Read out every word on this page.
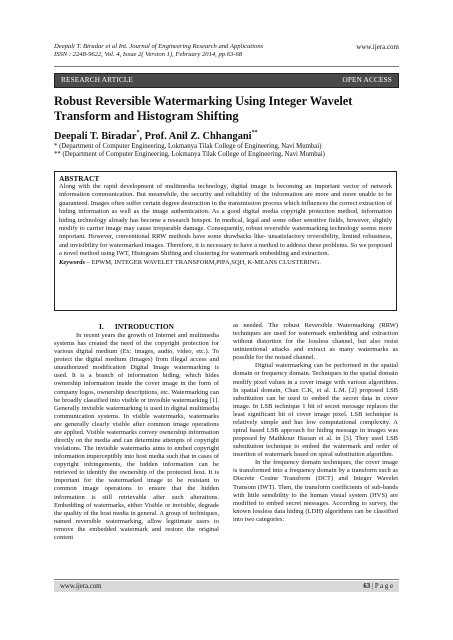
Deepali T. Biradar et al Int. Journal of Engineering Research and Applications
ISSN : 2248-9622, Vol. 4, Issue 2( Version 1), February 2014, pp.63-68
www.ijera.com
RESEARCH ARTICLE	OPEN ACCESS
Robust Reversible Watermarking Using Integer Wavelet Transform and Histogram Shifting
Deepali T. Biradar*, Prof. Anil Z. Chhangani**
* (Department of Computer Engineering, Lokmanya Tilak College of Engineering, Navi Mumbai)
** (Department of Computer Engineering, Lokmanya Tilak College of Engineering, Navi Mumbai)
ABSTRACT

Along with the rapid development of multimedia technology, digital image is becoming an important vector of network information communication. But meanwhile, the security and reliability of the information are more and more unable to be guaranteed. Images often suffer certain degree destruction in the transmission process which influences the correct extraction of hiding information as well as the image authentication. As a good digital media copyright protection method, information hiding technology already has become a research hotspot. In medical, legal and some other sensitive fields, however, slightly modify to carrier image may cause irreparable damage. Consequently, robust reversible watermarking technology seems more important. However, conventional RRW methods have some drawbacks like- unsatisfactory reversibility, limited robustness, and invisibility for watermarked images. Therefore, it is necessary to have a method to address these problems. So we proposed a novel method using IWT, Histogram Shifting and clustering for watermark embedding and extraction.

Keywords – EPWM, INTEGER WAVELET TRANSFORM,PIPA,SQH, K-MEANS CLUSTERING.

I.      INTRODUCTION

In recent years the growth of Internet and multimedia systems has created the need of the copyright protection for various digital medium (Ex: images, audio, video, etc.). To protect the digital medium (Images) from illegal access and unauthorized modification Digital Image watermarking is used. It is a branch of information hiding, which hides ownership information inside the cover image in the form of company logos, ownership descriptions, etc. Watermarking can be broadly classified into visible or invisible watermarking [1]. Generally invisible watermarking is used in digital multimedia communication systems. In visible watermarks, watermarks are generally clearly visible after common image operations are applied. Visible watermarks convey ownership information directly on the media and can determine attempts of copyright violations. The invisible watermarks aims to embed copyright information imperceptibly into host media such that in cases of copyright infringements, the hidden information can be retrieved to identify the ownership of the protected host. It is important for the watermarked image to be resistant to common image operations to ensure that the hidden information is still retrievable after such alterations. Embedding of watermarks, either Visible or invisible, degrade the quality of the host media in general. A group of techniques, named reversible watermarking, allow legitimate users to remove the embedded watermark and restore the original content

as needed. The robust Reversible Watermarking (RRW) techniques are used for watermark embedding and extraction without distortion for the lossless channel, but also resist unintentional attacks and extract as many watermarks as possible for the noised channel.

Digital watermarking can be performed in the spatial domain or frequency domain. Techniques in the spatial domain modify pixel values in a cover image with various algorithms. In spatial domain, Chan C.K, et al. L.M. [2] proposed LSB substitution can be used to embed the secret data in cover image. In LSB technique 1 bit of secret message replaces the least significant bit of cover image pixel. LSB technique is relatively simple and has low computational complexity. A spiral based LSB approach for hiding message in images was proposed by Mathkour Hassan et al. in [3]. They used LSB substitution technique to embed the watermark and order of insertion of watermark based on spiral substitution algorithm.

In the frequency domain techniques, the cover image is transformed into a frequency domain by a transform such as Discrete Cosine Transform (DCT) and Integer Wavelet Transom (IWT). Then, the transform coefficients of sub-bands with little sensibility to the human visual system (HVS) are modified to embed secret messages. According to survey, the known lossless data hiding (LDH) algorithms can be classified into two categories:

www.ijera.com	63 | P a g e
